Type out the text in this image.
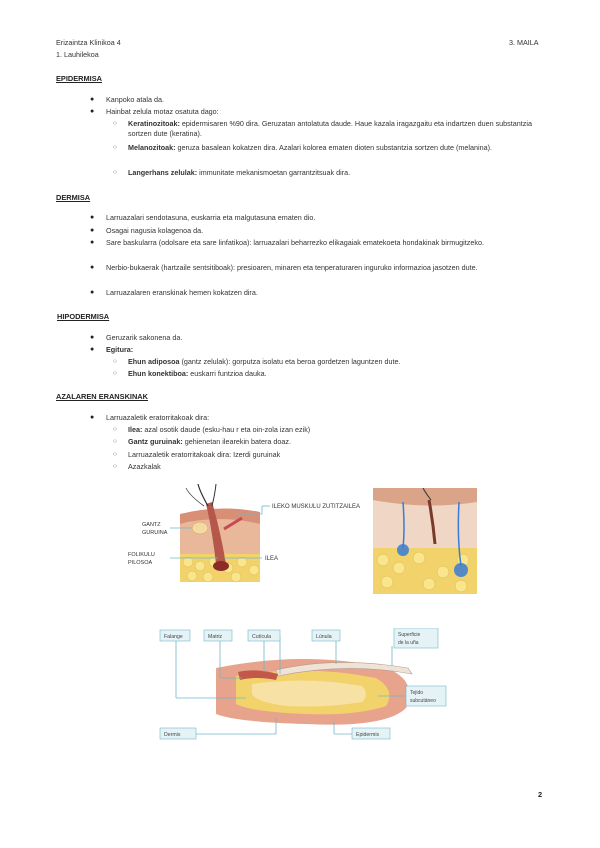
Erizaintza Klinikoa 4
1. Lauhilekoa
3. MAILA
EPIDERMISA
● Kanpoko atala da.
● Hainbat zelula motaz osatuta dago:
○ Keratinozitoak: epidermisaren %90 dira. Geruzatan antolatuta daude. Haue kazala iragazgaitu eta indartzen duen substantzia sortzen dute (keratina).
○ Melanozitoak: geruza basalean kokatzen dira. Azalari kolorea ematen dioten substantzia sortzen dute (melanina).
○ Langerhans zelulak: immunitate mekanismoetan garrantzitsuak dira.
DERMISA
● Larruazalari sendotasuna, euskarria eta malgutasuna ematen dio.
● Osagai nagusia kolagenoa da.
● Sare baskularra (odolsare eta sare linfatikoa): larruazalari beharrezko elikagaiak ematekoeta hondakinak birmugitzeko.
● Nerbio-bukaerak (hartzaile sentsitiboak): presioaren, minaren eta tenperaturaren inguruko informazioa jasotzen dute.
● Larruazalaren eranskinak hemen kokatzen dira.
HIPODERMISA
● Geruzarik sakonena da.
● Egitura:
○ Ehun adiposoa (gantz zelulak): gorputza isolatu eta beroa gordetzen laguntzen dute.
○ Ehun konektiboa: euskarri funtzioa dauka.
AZALAREN ERANSKINAK
● Larruazaletik eratorritakoak dira:
○ Ilea: azal osotik daude (esku-hau r eta oin-zola izan ezik)
○ Gantz guruinak: gehienetan ilearekin batera doaz.
○ Larruazaletik eratorritakoak dira: Izerdi guruinak
○ Azazkalak
ILEKO MUSKULU ZUTITZAILEA
GANTZ
GURUINA
FOLIKULU
PILOSOA
ILEA
Falange	Matriz	Cutícula	Lúnula	Superficie
de la uña
Tejido
subcutáneo
Dermis	Epidermis
2
